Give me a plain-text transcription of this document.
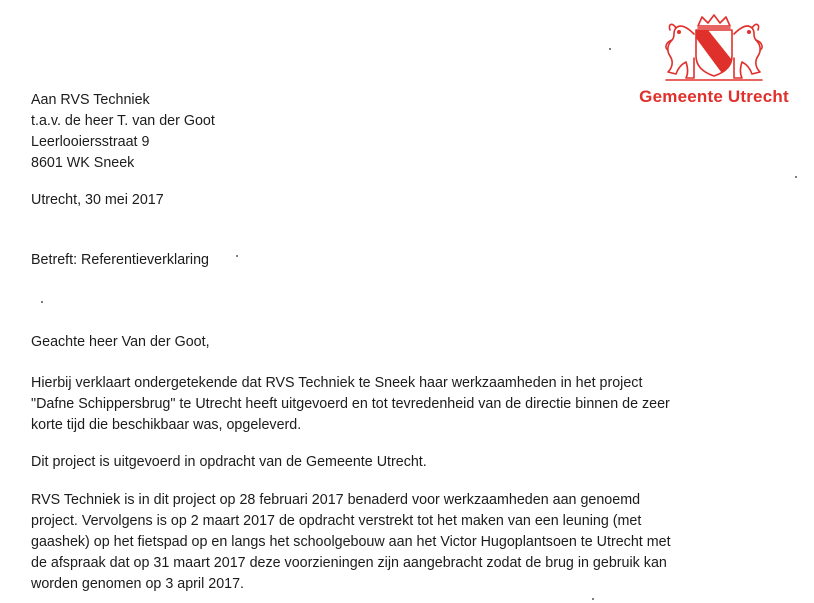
Gemeente Utrecht

Aan RVS Techniek

t.a.v. de heer T. van der Goot

Leerlooiersstraat 9

8601 WK Sneek

Utrecht, 30 mei 2017

Betreft: Referentieverklaring

Geachte heer Van der Goot,

Hierbij verklaart ondergetekende dat RVS Techniek te Sneek haar werkzaamheden in het project

"Dafne Schippersbrug" te Utrecht heeft uitgevoerd en tot tevredenheid van de directie binnen de zeer

korte tijd die beschikbaar was, opgeleverd.

Dit project is uitgevoerd in opdracht van de Gemeente Utrecht.

RVS Techniek is in dit project op 28 februari 2017 benaderd voor werkzaamheden aan genoemd

project. Vervolgens is op 2 maart 2017 de opdracht verstrekt tot het maken van een leuning (met

gaashek) op het fietspad op en langs het schoolgebouw aan het Victor Hugoplantsoen te Utrecht met

de afspraak dat op 31 maart 2017 deze voorzieningen zijn aangebracht zodat de brug in gebruik kan

worden genomen op 3 april 2017.
